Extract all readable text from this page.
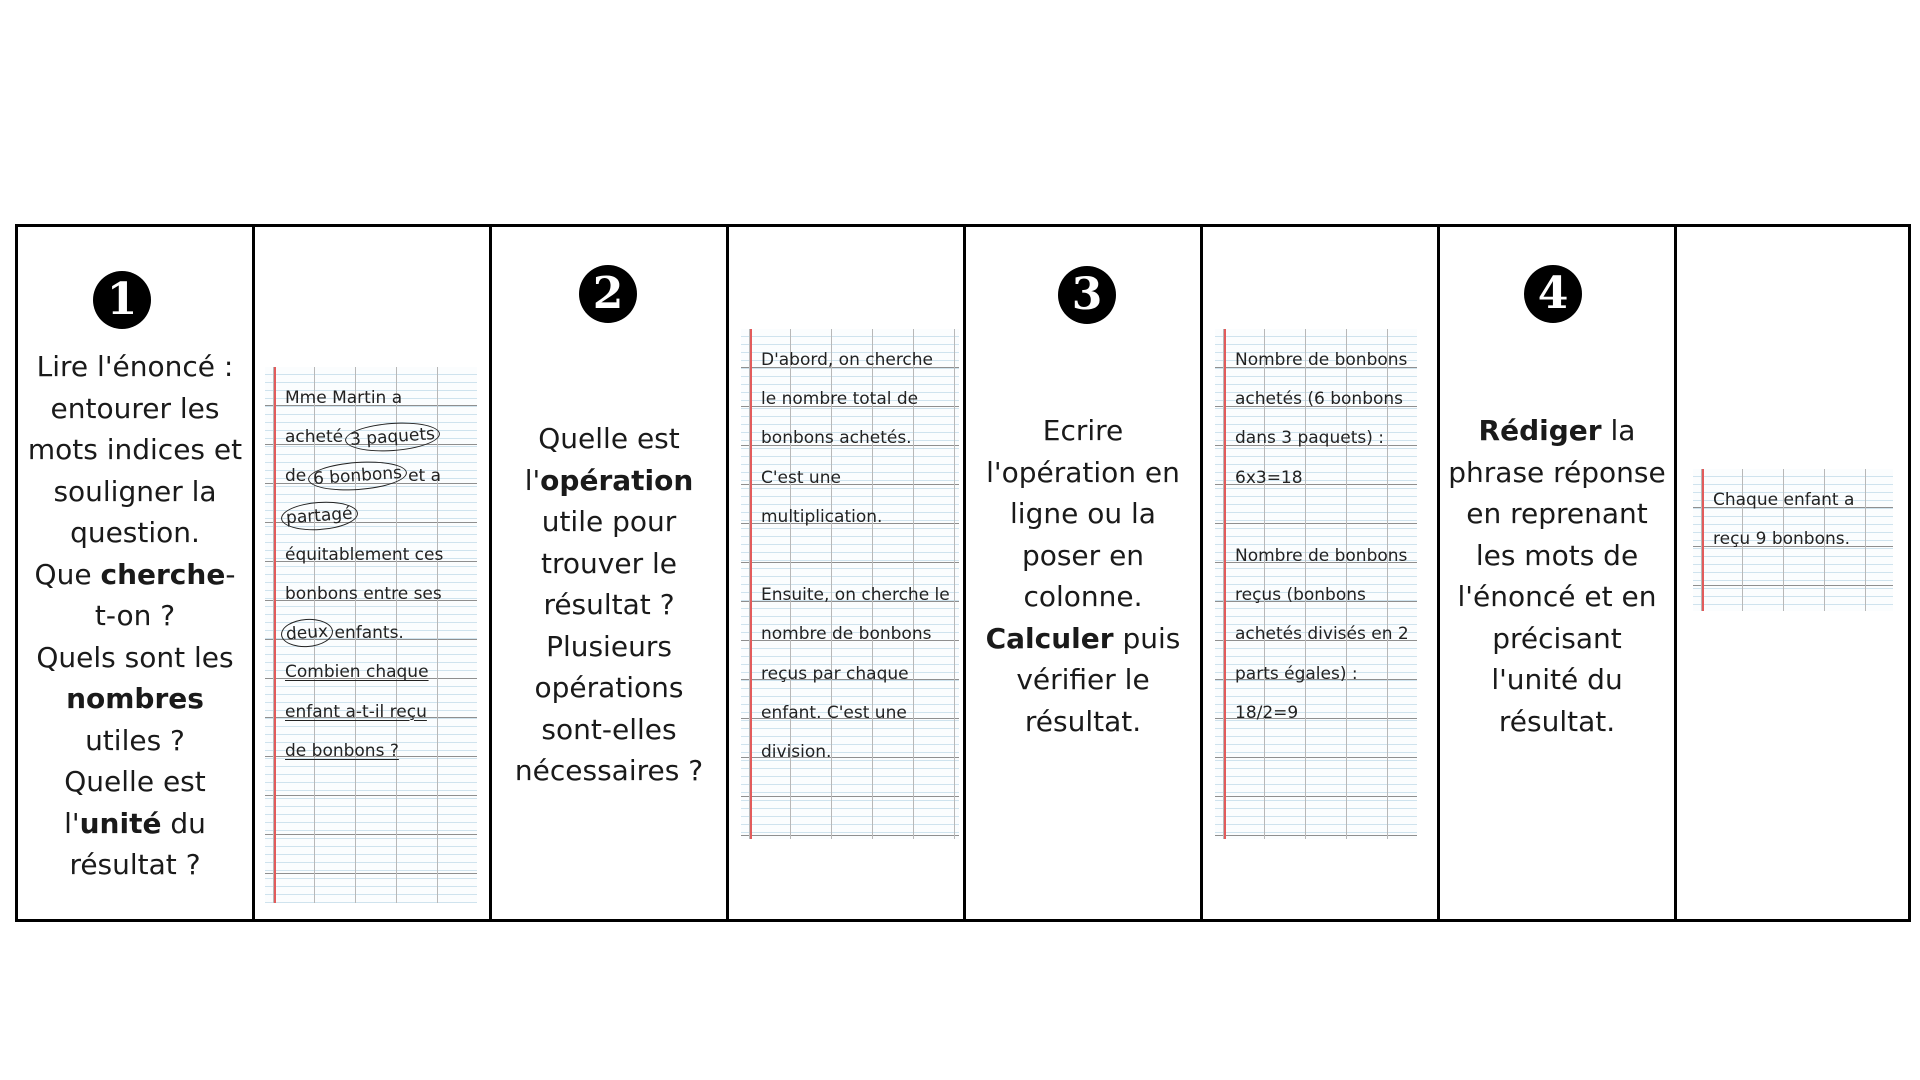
1
Lire l'énoncé : entourer les mots indices et souligner la question.
Que cherche-t-on ?
Quels sont les nombres utiles ?
Quelle est l'unité du résultat ?
Mme Martin a
acheté 3 paquets
de 6 bonbons et a
partagé
équitablement ces
bonbons entre ses
deux enfants.
Combien chaque
enfant a-t-il reçu
de bonbons ?
2
Quelle est l'opération utile pour trouver le résultat ? Plusieurs opérations sont-elles nécessaires ?
D'abord, on cherche
le nombre total de
bonbons achetés.
C'est une
multiplication.

Ensuite, on cherche le
nombre de bonbons
reçus par chaque
enfant. C'est une
division.
3
Ecrire l'opération en ligne ou la poser en colonne. Calculer puis vérifier le résultat.
Nombre de bonbons
achetés (6 bonbons
dans 3 paquets) :
6x3=18

Nombre de bonbons
reçus (bonbons
achetés divisés en 2
parts égales) :
18/2=9
4
Rédiger la phrase réponse en reprenant les mots de l'énoncé et en précisant l'unité du résultat.
Chaque enfant a
reçu 9 bonbons.
